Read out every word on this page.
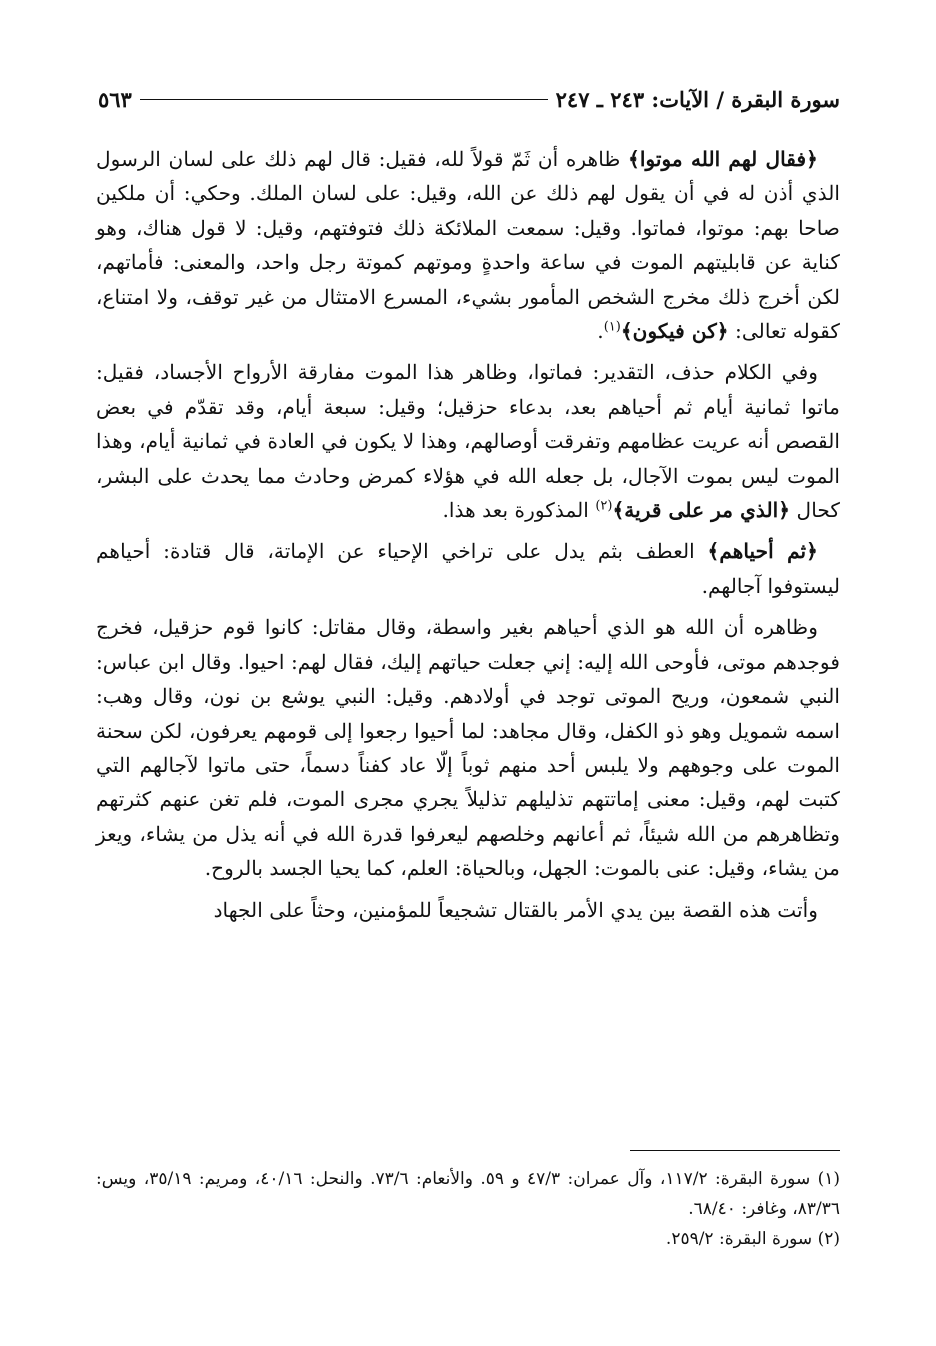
سورة البقرة / الآيات: ٢٤٣ ـ ٢٤٧
٥٦٣

﴿فقال لهم الله موتوا﴾ ظاهره أن ثَمّ قولاً لله، فقيل: قال لهم ذلك على لسان الرسول الذي أذن له في أن يقول لهم ذلك عن الله، وقيل: على لسان الملك. وحكي: أن ملكين صاحا بهم: موتوا، فماتوا. وقيل: سمعت الملائكة ذلك فتوفتهم، وقيل: لا قول هناك، وهو كناية عن قابليتهم الموت في ساعة واحدةٍ وموتهم كموتة رجل واحد، والمعنى: فأماتهم، لكن أخرج ذلك مخرج الشخص المأمور بشيء، المسرع الامتثال من غير توقف، ولا امتناع، كقوله تعالى: ﴿كن فيكون﴾$^{(١)}$.

وفي الكلام حذف، التقدير: فماتوا، وظاهر هذا الموت مفارقة الأرواح الأجساد، فقيل: ماتوا ثمانية أيام ثم أحياهم بعد، بدعاء حزقيل؛ وقيل: سبعة أيام، وقد تقدّم في بعض القصص أنه عريت عظامهم وتفرقت أوصالهم، وهذا لا يكون في العادة في ثمانية أيام، وهذا الموت ليس بموت الآجال، بل جعله الله في هؤلاء كمرض وحادث مما يحدث على البشر، كحال ﴿الذي مر على قرية﴾$^{(٢)}$ المذكورة بعد هذا.

﴿ثم أحياهم﴾ العطف بثم يدل على تراخي الإحياء عن الإماتة، قال قتادة: أحياهم ليستوفوا آجالهم.

وظاهره أن الله هو الذي أحياهم بغير واسطة، وقال مقاتل: كانوا قوم حزقيل، فخرج فوجدهم موتى، فأوحى الله إليه: إني جعلت حياتهم إليك، فقال لهم: احيوا. وقال ابن عباس: النبي شمعون، وريح الموتى توجد في أولادهم. وقيل: النبي يوشع بن نون، وقال وهب: اسمه شمويل وهو ذو الكفل، وقال مجاهد: لما أحيوا رجعوا إلى قومهم يعرفون، لكن سحنة الموت على وجوههم ولا يلبس أحد منهم ثوباً إلّا عاد كفناً دسماً، حتى ماتوا لآجالهم التي كتبت لهم، وقيل: معنى إماتتهم تذليلهم تذليلاً يجري مجرى الموت، فلم تغن عنهم كثرتهم وتظاهرهم من الله شيئاً، ثم أعانهم وخلصهم ليعرفوا قدرة الله في أنه يذل من يشاء، ويعز من يشاء، وقيل: عنى بالموت: الجهل، وبالحياة: العلم، كما يحيا الجسد بالروح.

وأتت هذه القصة بين يدي الأمر بالقتال تشجيعاً للمؤمنين، وحثاً على الجهاد

(١) سورة البقرة: ١١٧/٢، وآل عمران: ٤٧/٣ و ٥٩. والأنعام: ٧٣/٦. والنحل: ٤٠/١٦، ومريم: ٣٥/١٩، ويس: ٨٣/٣٦، وغافر: ٦٨/٤٠.

(٢) سورة البقرة: ٢٥٩/٢.
